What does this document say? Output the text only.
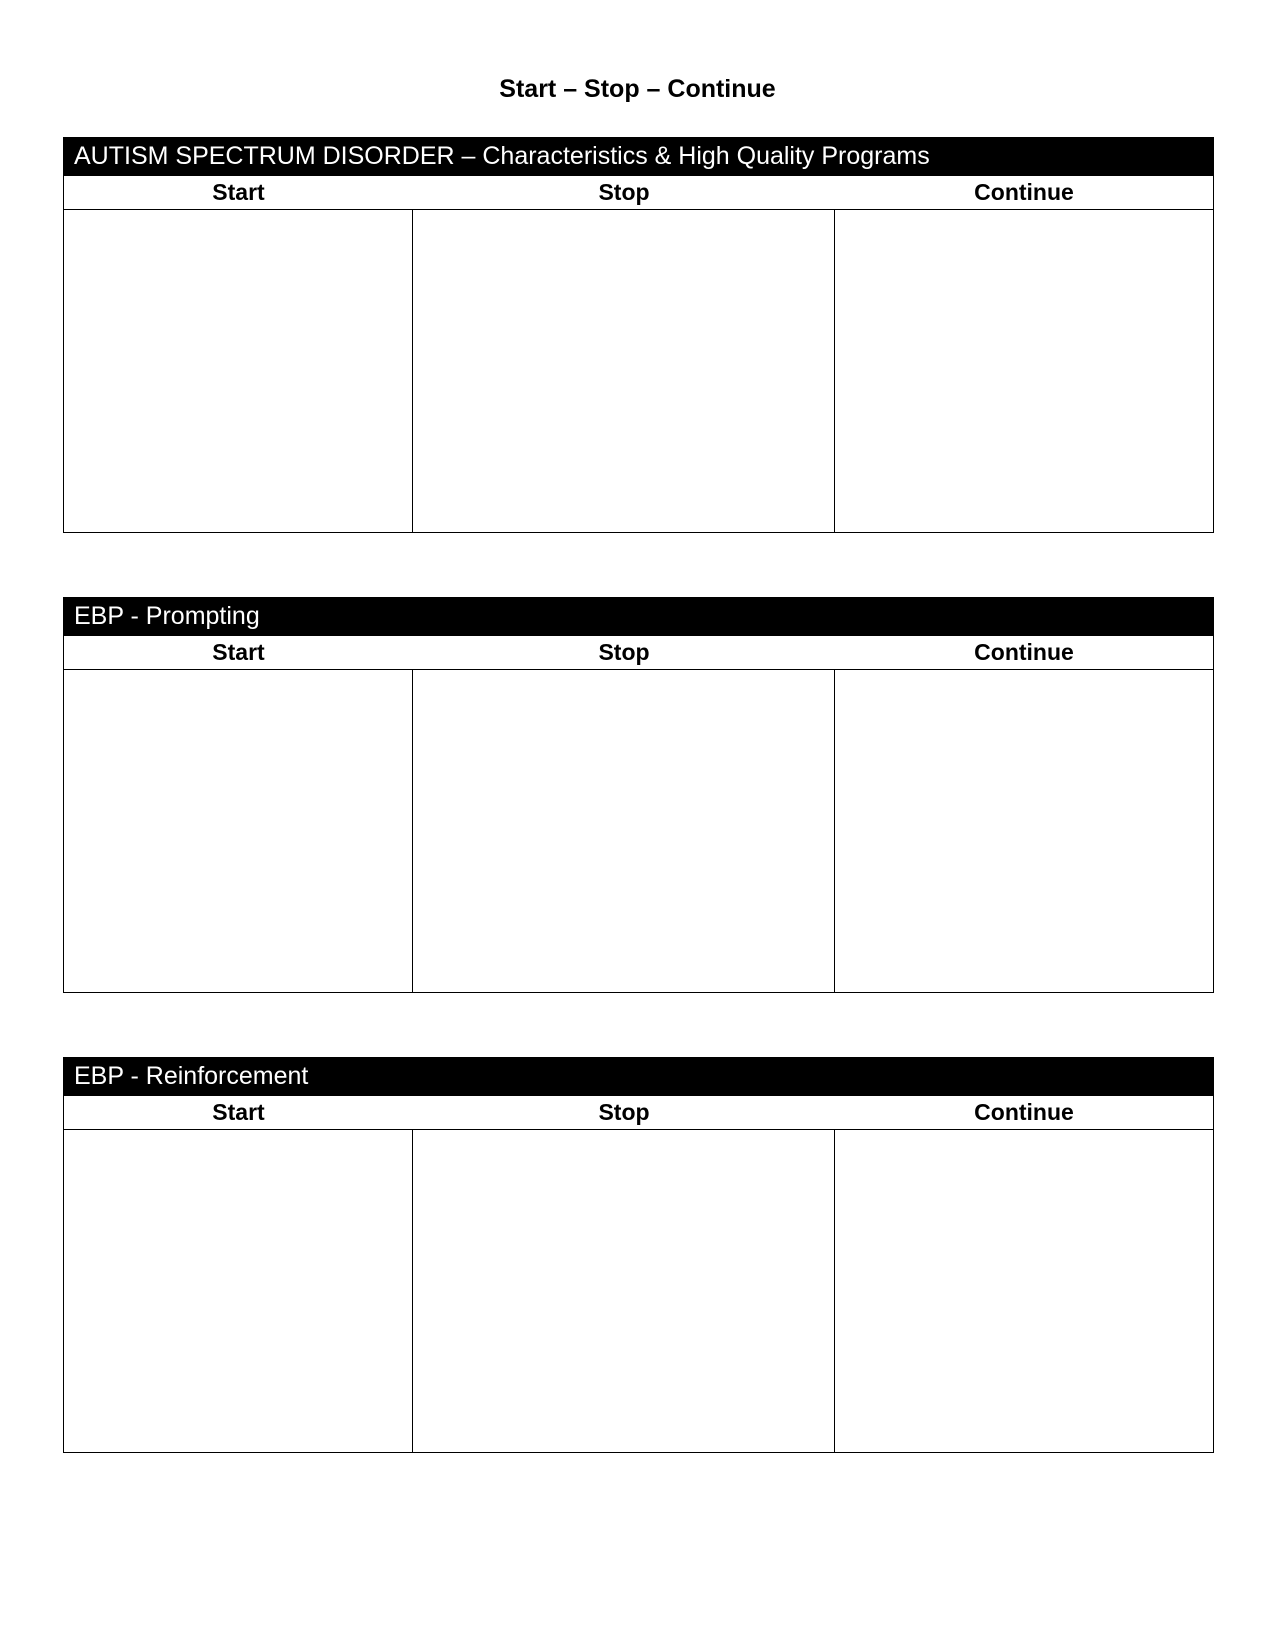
Start – Stop – Continue
AUTISM SPECTRUM DISORDER – Characteristics & High Quality Programs
Start	Stop	Continue
EBP - Prompting
Start	Stop	Continue
EBP - Reinforcement
Start	Stop	Continue
